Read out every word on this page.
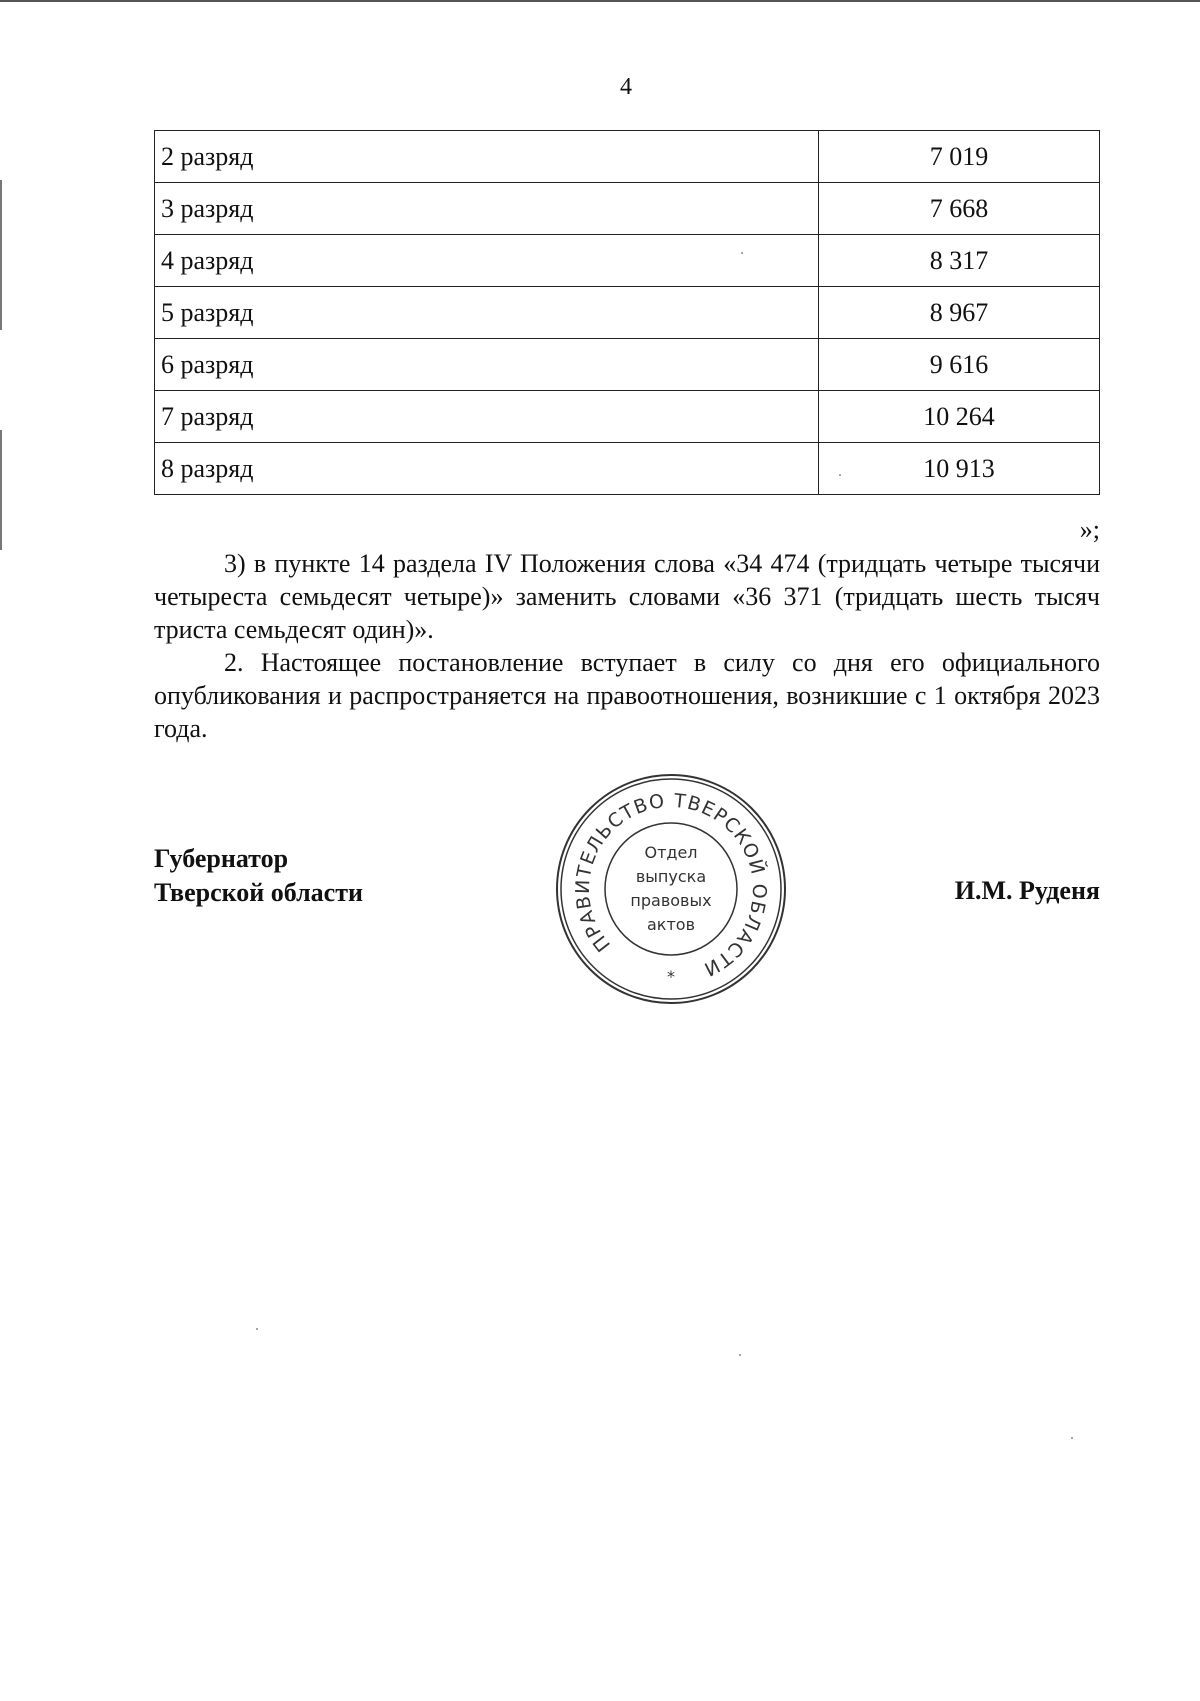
4
2 разряд	7 019
3 разряд	7 668
4 разряд	8 317
5 разряд	8 967
6 разряд	9 616
7 разряд	10 264
8 разряд	10 913
»;

3) в пункте 14 раздела IV Положения слова «34 474 (тридцать четыре тысячи четыреста семьдесят четыре)» заменить словами «36 371 (тридцать шесть тысяч триста семьдесят один)».

2. Настоящее постановление вступает в силу со дня его официального опубликования и распространяется на правоотношения, возникшие с 1 октября 2023 года.

Губернатор
Тверской области	И.М. Руденя
ПРАВИТЕЛЬСТВО ТВЕРСКОЙ ОБЛАСТИ
Отдел
выпуска
правовых
актов
*
